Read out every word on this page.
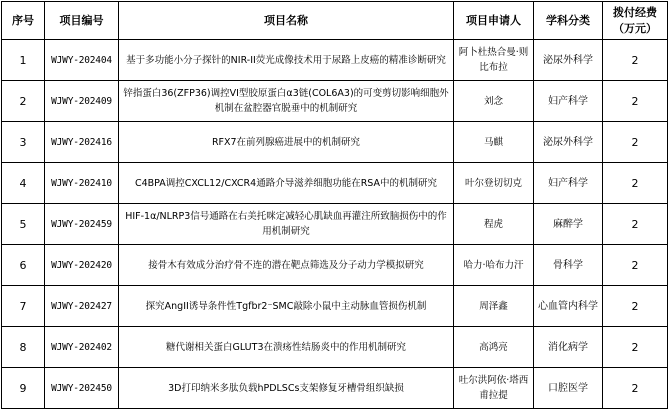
序号	项目编号	项目名称	项目申请人	学科分类	拨付经费（万元）
1	WJWY-202404	基于多功能小分子探针的NIR-II荧光成像技术用于尿路上皮癌的精准诊断研究	阿卜杜热合曼·则比布拉	泌尿外科学	2
2	WJWY-202409	锌指蛋白36(ZFP36)调控VI型胶原蛋白α3链(COL6A3)的可变剪切影响细胞外机制在盆腔器官脱垂中的机制研究	刘念	妇产科学	2
3	WJWY-202416	RFX7在前列腺癌进展中的机制研究	马麒	泌尿外科学	2
4	WJWY-202410	C4BPA调控CXCL12/CXCR4通路介导滋养细胞功能在RSA中的机制研究	叶尔登切切克	妇产科学	2
5	WJWY-202459	HIF-1α/NLRP3信号通路在右美托咪定减轻心肌缺血再灌注所致脑损伤中的作用机制研究	程虎	麻醉学	2
6	WJWY-202420	接骨木有效成分治疗骨不连的潜在靶点筛选及分子动力学模拟研究	哈力·哈布力汗	骨科学	2
7	WJWY-202427	探究AngII诱导条件性Tgfbr2⁻SMC敲除小鼠中主动脉血管损伤机制	周泽鑫	心血管内科学	2
8	WJWY-202402	糖代谢相关蛋白GLUT3在溃疡性结肠炎中的作用机制研究	高鸿亮	消化病学	2
9	WJWY-202450	3D打印纳米多肽负载hPDLSCs支架修复牙槽骨组织缺损	吐尔洪阿依·塔西甫拉提	口腔医学	2
